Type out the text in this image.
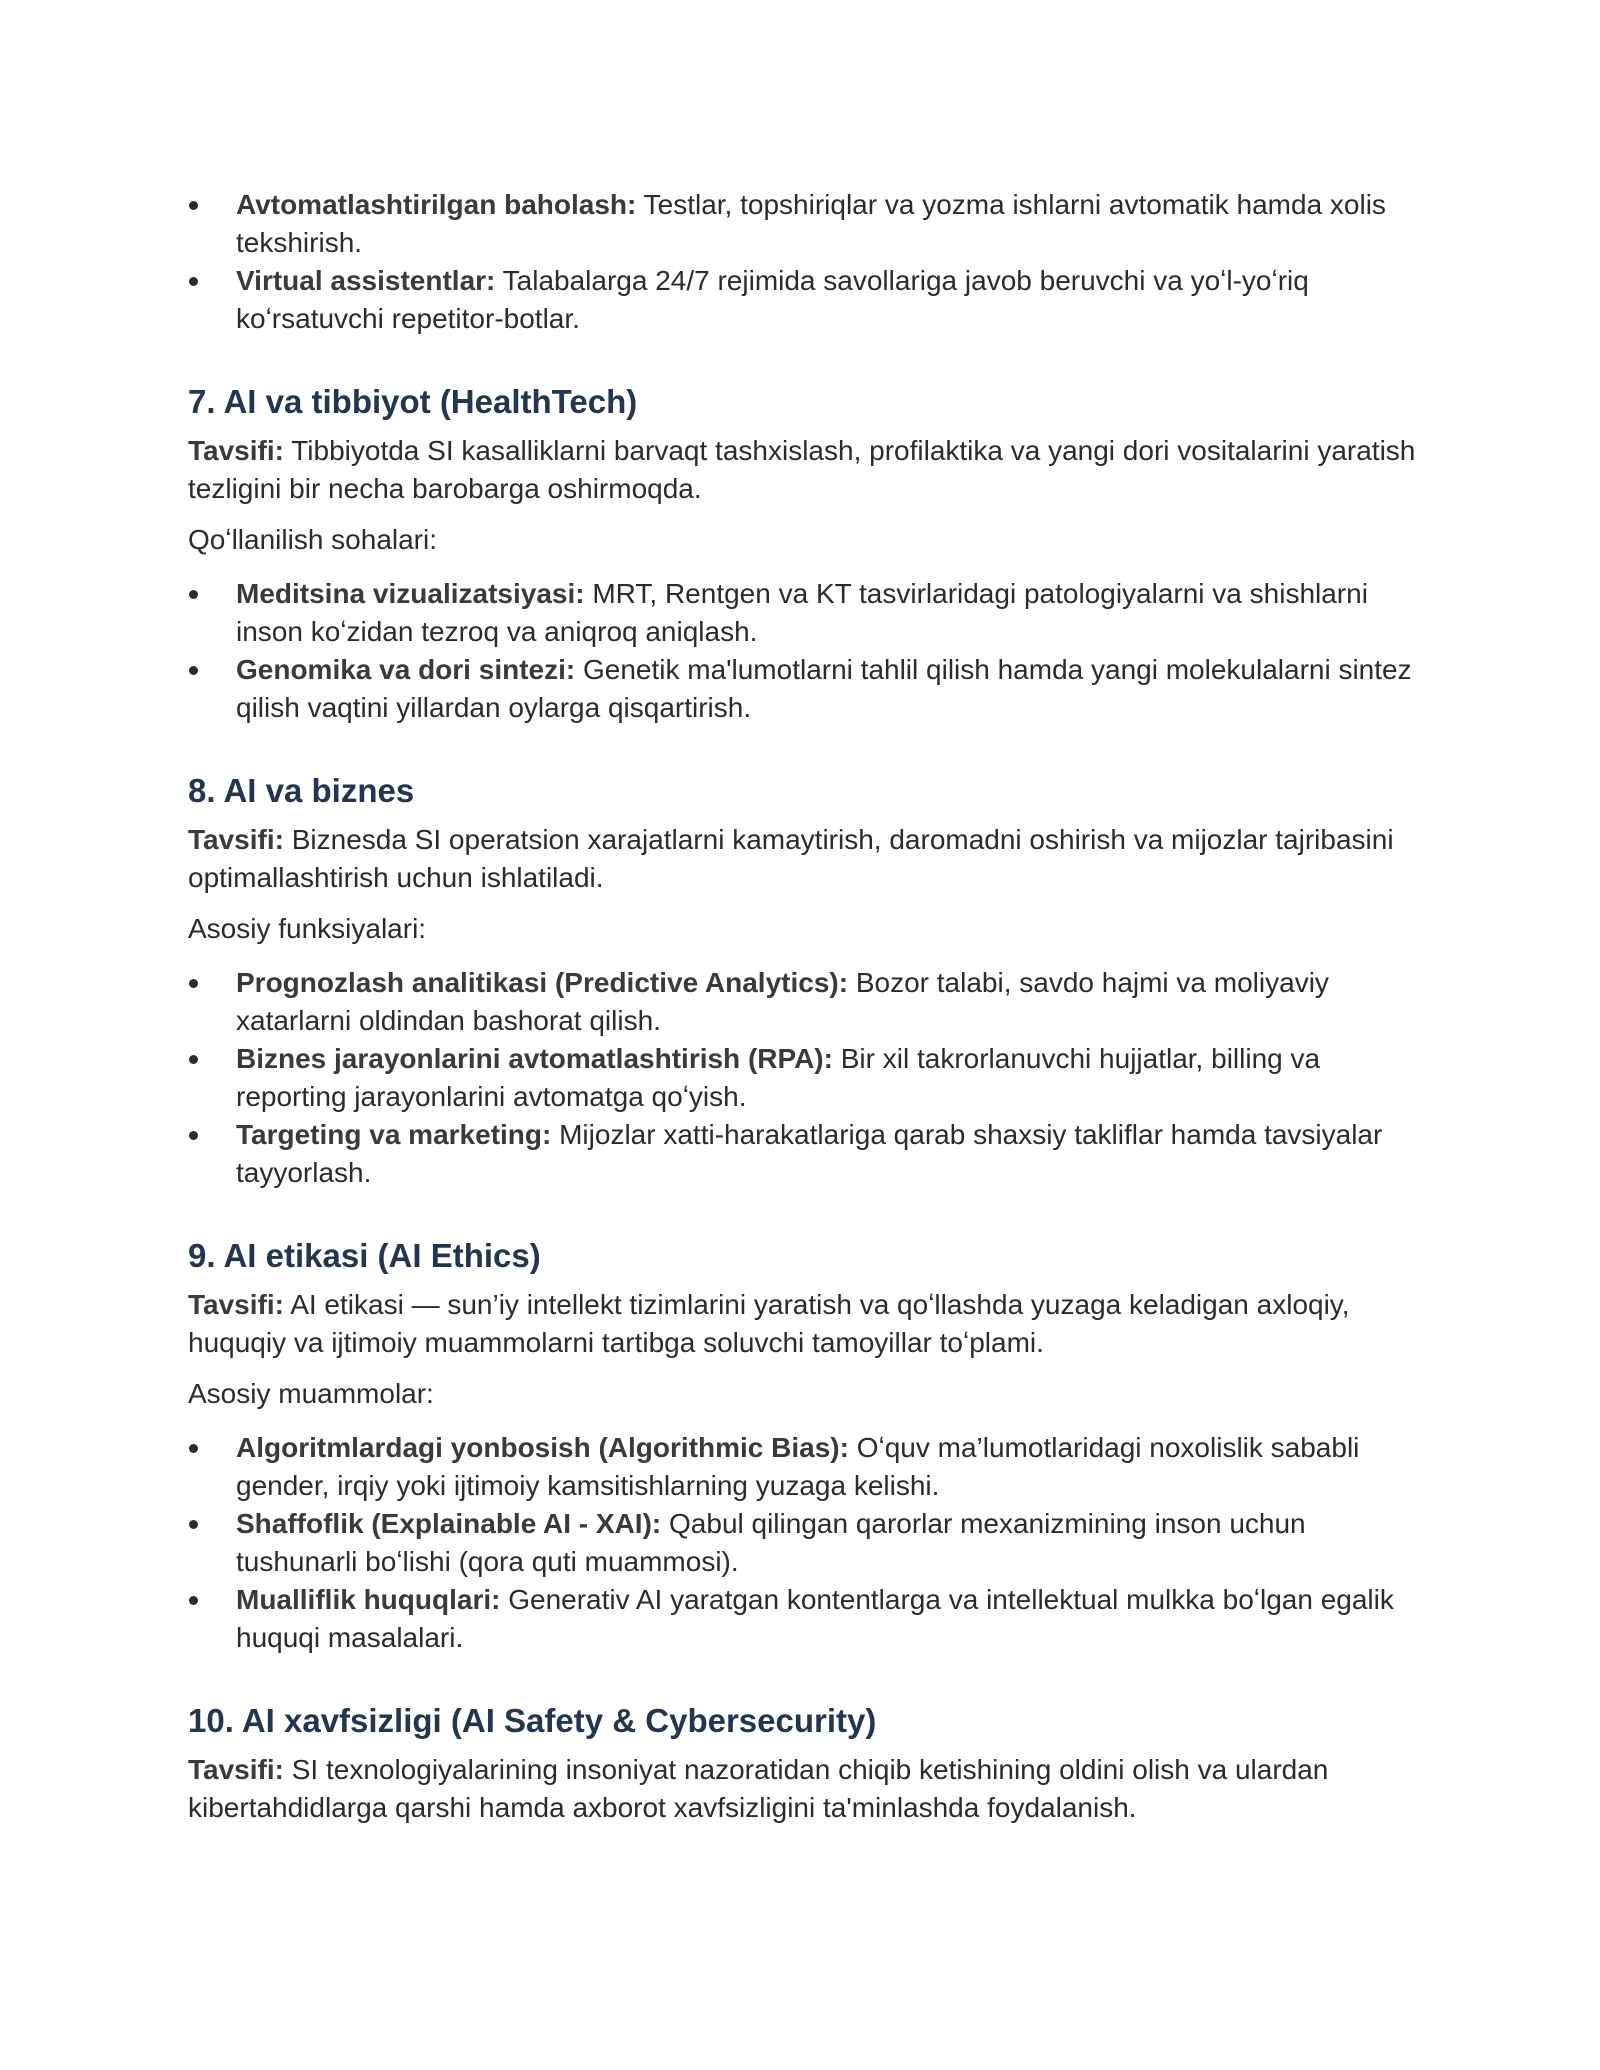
Avtomatlashtirilgan baholash: Testlar, topshiriqlar va yozma ishlarni avtomatik hamda xolis tekshirish.
Virtual assistentlar: Talabalarga 24/7 rejimida savollariga javob beruvchi va yoʻl-yoʻriq koʻrsatuvchi repetitor-botlar.
7. AI va tibbiyot (HealthTech)

Tavsifi: Tibbiyotda SI kasalliklarni barvaqt tashxislash, profilaktika va yangi dori vositalarini yaratish tezligini bir necha barobarga oshirmoqda.

Qoʻllanilish sohalari:

Meditsina vizualizatsiyasi: MRT, Rentgen va KT tasvirlaridagi patologiyalarni va shishlarni inson koʻzidan tezroq va aniqroq aniqlash.
Genomika va dori sintezi: Genetik ma'lumotlarni tahlil qilish hamda yangi molekulalarni sintez qilish vaqtini yillardan oylarga qisqartirish.
8. AI va biznes

Tavsifi: Biznesda SI operatsion xarajatlarni kamaytirish, daromadni oshirish va mijozlar tajribasini optimallashtirish uchun ishlatiladi.

Asosiy funksiyalari:

Prognozlash analitikasi (Predictive Analytics): Bozor talabi, savdo hajmi va moliyaviy xatarlarni oldindan bashorat qilish.
Biznes jarayonlarini avtomatlashtirish (RPA): Bir xil takrorlanuvchi hujjatlar, billing va reporting jarayonlarini avtomatga qoʻyish.
Targeting va marketing: Mijozlar xatti-harakatlariga qarab shaxsiy takliflar hamda tavsiyalar tayyorlash.
9. AI etikasi (AI Ethics)

Tavsifi: AI etikasi — sun’iy intellekt tizimlarini yaratish va qoʻllashda yuzaga keladigan axloqiy, huquqiy va ijtimoiy muammolarni tartibga soluvchi tamoyillar toʻplami.

Asosiy muammolar:

Algoritmlardagi yonbosish (Algorithmic Bias): Oʻquv ma’lumotlaridagi noxolislik sababli gender, irqiy yoki ijtimoiy kamsitishlarning yuzaga kelishi.
Shaffoflik (Explainable AI - XAI): Qabul qilingan qarorlar mexanizmining inson uchun tushunarli boʻlishi (qora quti muammosi).
Mualliflik huquqlari: Generativ AI yaratgan kontentlarga va intellektual mulkka boʻlgan egalik huquqi masalalari.
10. AI xavfsizligi (AI Safety & Cybersecurity)

Tavsifi: SI texnologiyalarining insoniyat nazoratidan chiqib ketishining oldini olish va ulardan kibertahdidlarga qarshi hamda axborot xavfsizligini ta'minlashda foydalanish.
